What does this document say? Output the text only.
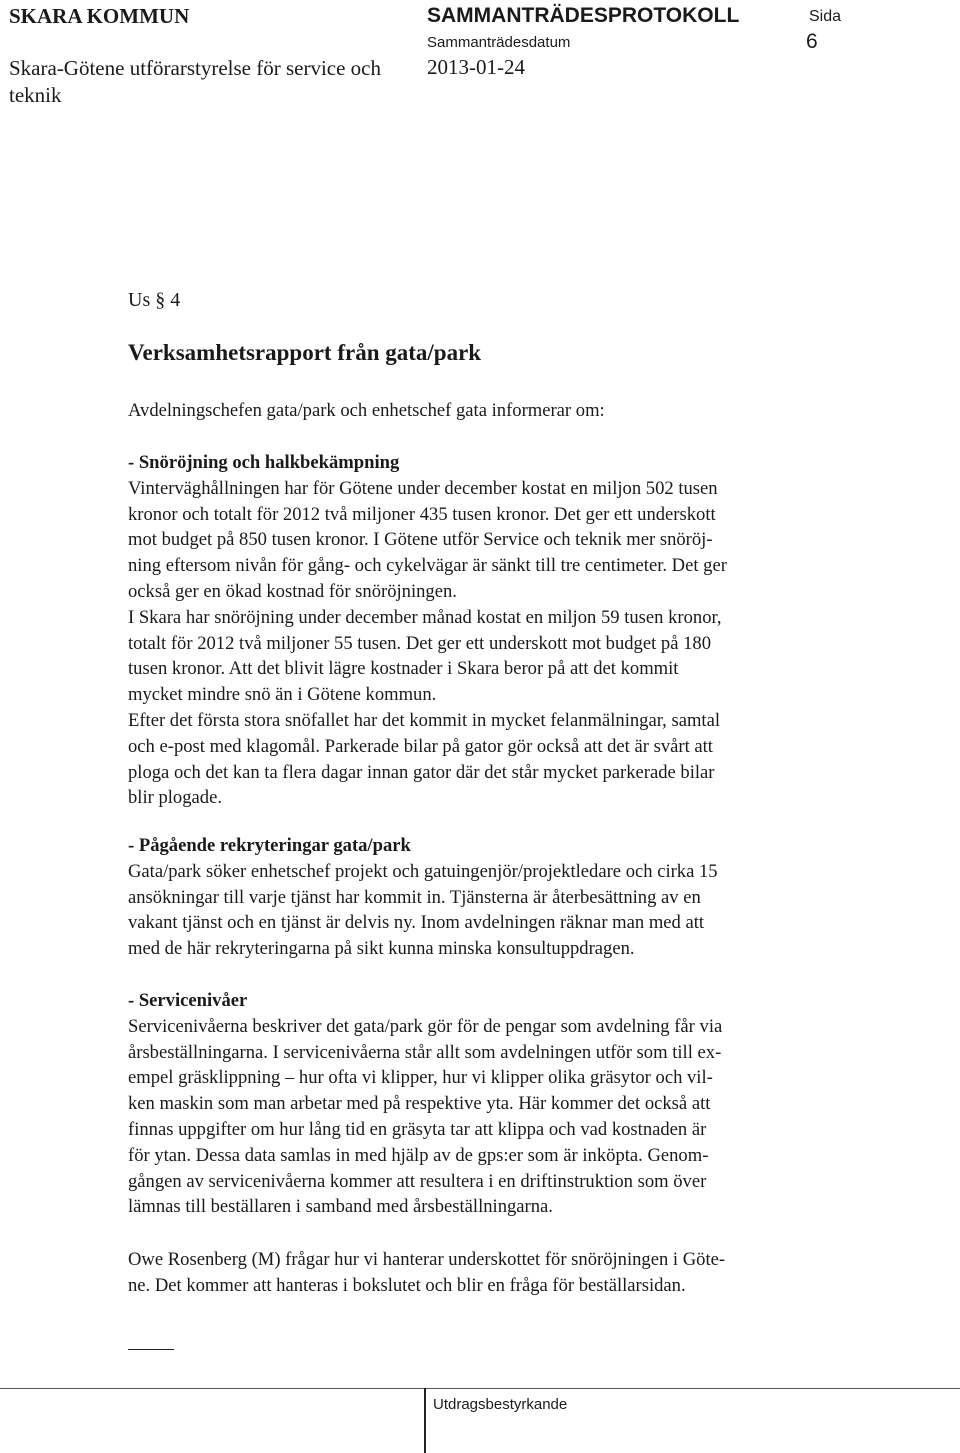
SKARA KOMMUN	SAMMANTRÄDESPROTOKOLL	Sida
6
Sammanträdesdatum
Skara-Götene utförarstyrelse för service och teknik
2013-01-24
Us § 4
Verksamhetsrapport från gata/park
Avdelningschefen gata/park och enhetschef gata informerar om:
- Snöröjning och halkbekämpning
Vinterväghållningen har för Götene under december kostat en miljon 502 tusen
kronor och totalt för 2012 två miljoner 435 tusen kronor. Det ger ett underskott
mot budget på 850 tusen kronor. I Götene utför Service och teknik mer snöröj-
ning eftersom nivån för gång- och cykelvägar är sänkt till tre centimeter. Det ger
också ger en ökad kostnad för snöröjningen.
I Skara har snöröjning under december månad kostat en miljon 59 tusen kronor,
totalt för 2012 två miljoner 55 tusen. Det ger ett underskott mot budget på 180
tusen kronor. Att det blivit lägre kostnader i Skara beror på att det kommit
mycket mindre snö än i Götene kommun.
Efter det första stora snöfallet har det kommit in mycket felanmälningar, samtal
och e-post med klagomål. Parkerade bilar på gator gör också att det är svårt att
ploga och det kan ta flera dagar innan gator där det står mycket parkerade bilar
blir plogade.
- Pågående rekryteringar gata/park
Gata/park söker enhetschef projekt och gatuingenjör/projektledare och cirka 15
ansökningar till varje tjänst har kommit in. Tjänsterna är återbesättning av en
vakant tjänst och en tjänst är delvis ny. Inom avdelningen räknar man med att
med de här rekryteringarna på sikt kunna minska konsultuppdragen.
- Servicenivåer
Servicenivåerna beskriver det gata/park gör för de pengar som avdelning får via
årsbeställningarna. I servicenivåerna står allt som avdelningen utför som till ex-
empel gräsklippning – hur ofta vi klipper, hur vi klipper olika gräsytor och vil-
ken maskin som man arbetar med på respektive yta. Här kommer det också att
finnas uppgifter om hur lång tid en gräsyta tar att klippa och vad kostnaden är
för ytan. Dessa data samlas in med hjälp av de gps:er som är inköpta. Genom-
gången av servicenivåerna kommer att resultera i en driftinstruktion som över
lämnas till beställaren i samband med årsbeställningarna.
Owe Rosenberg (M) frågar hur vi hanterar underskottet för snöröjningen i Göte-
ne. Det kommer att hanteras i bokslutet och blir en fråga för beställarsidan.
Utdragsbestyrkande
